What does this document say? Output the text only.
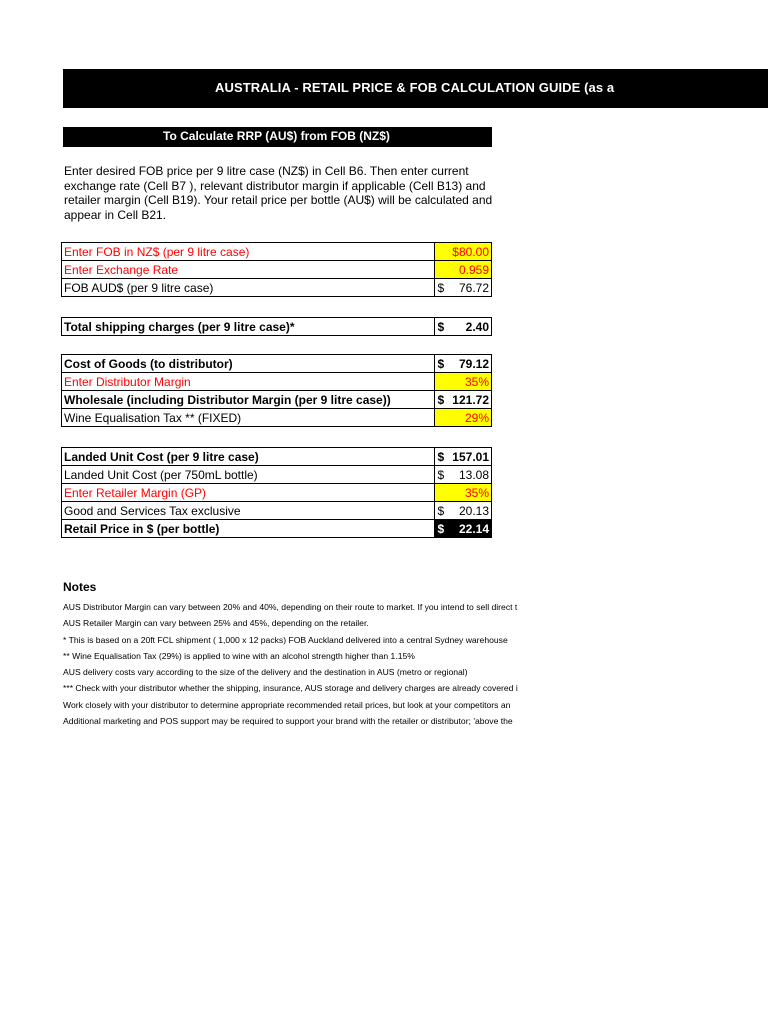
AUSTRALIA - RETAIL PRICE & FOB CALCULATION GUIDE (as a
To Calculate RRP (AU$) from FOB (NZ$)
Enter desired FOB price per 9 litre case (NZ$) in Cell B6. Then enter current exchange rate (Cell B7 ), relevant distributor margin if applicable (Cell B13) and retailer margin (Cell B19). Your retail price per bottle (AU$) will be calculated and appear in Cell B21.
Enter FOB in NZ$ (per 9 litre case)	$80.00

Enter Exchange Rate	0.959

FOB AUD$ (per 9 litre case)	$ 76.72
Total shipping charges (per 9 litre case)*	$ 2.40
Cost of Goods (to distributor)	$ 79.12

Enter Distributor Margin	35%

Wholesale (including Distributor Margin (per 9 litre case))	$ 121.72

Wine Equalisation Tax ** (FIXED)	29%
Landed Unit Cost (per 9 litre case)	$ 157.01

Landed Unit Cost (per 750mL bottle)	$ 13.08

Enter Retailer Margin (GP)	35%

Good and Services Tax exclusive	$ 20.13

Retail Price in $ (per bottle)	$ 22.14
Notes
AUS Distributor Margin can vary between 20% and 40%, depending on their route to market. If you intend to sell direct t
AUS Retailer Margin can vary between 25% and 45%, depending on the retailer.
* This is based on a 20ft FCL shipment ( 1,000 x 12 packs) FOB Auckland delivered into a central Sydney warehouse
** Wine Equalisation Tax (29%) is applied to wine with an alcohol strength higher than 1.15%
AUS delivery costs vary according to the size of the delivery and the destination in AUS (metro or regional)
*** Check with your distributor whether the shipping, insurance, AUS storage and delivery charges are already covered i
Work closely with your distributor to determine appropriate recommended retail prices, but look at your competitors an
Additional marketing and POS support may be required to support your brand with the retailer or distributor; 'above the
